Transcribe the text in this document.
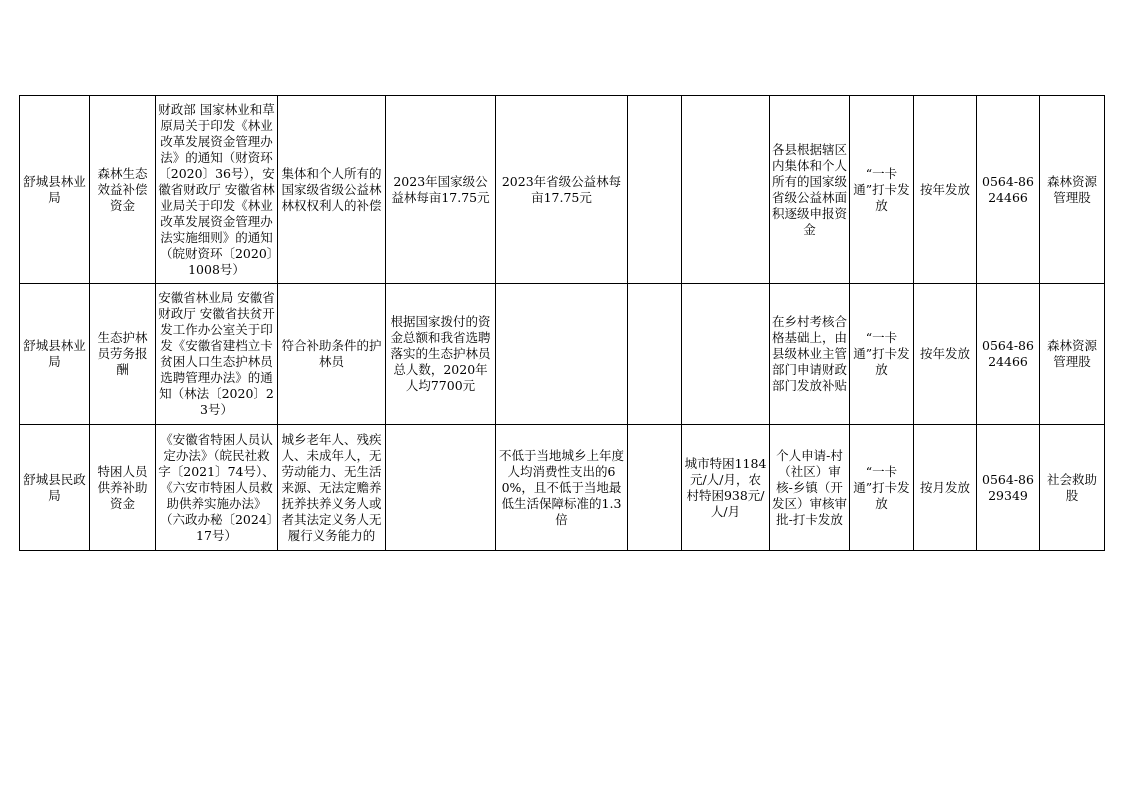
舒城县林业局	森林生态效益补偿资金	财政部 国家林业和草原局关于印发《林业改革发展资金管理办法》的通知（财资环〔2020〕36号），安徽省财政厅 安徽省林业局关于印发《林业改革发展资金管理办法实施细则》的通知（皖财资环〔2020〕1008号）	集体和个人所有的国家级省级公益林林权权利人的补偿	2023年国家级公益林每亩17.75元	2023年省级公益林每亩17.75元			各县根据辖区内集体和个人所有的国家级省级公益林面积逐级申报资金	“一卡通”打卡发放	按年发放	0564-8624466	森林资源管理股
舒城县林业局	生态护林员劳务报酬	安徽省林业局 安徽省财政厅 安徽省扶贫开发工作办公室关于印发《安徽省建档立卡贫困人口生态护林员选聘管理办法》的通知（林法〔2020〕23号）	符合补助条件的护林员	根据国家拨付的资金总额和我省选聘落实的生态护林员总人数，2020年人均7700元				在乡村考核合格基础上，由县级林业主管部门申请财政部门发放补贴	“一卡通”打卡发放	按年发放	0564-8624466	森林资源管理股
舒城县民政局	特困人员供养补助资金	《安徽省特困人员认定办法》（皖民社救字〔2021〕74号）、《六安市特困人员救助供养实施办法》（六政办秘〔2024〕17号）	城乡老年人、残疾人、未成年人，无劳动能力、无生活来源、无法定赡养抚养扶养义务人或者其法定义务人无履行义务能力的		不低于当地城乡上年度人均消费性支出的60%，且不低于当地最低生活保障标准的1.3倍		城市特困1184元/人/月，农村特困938元/人/月	个人申请-村（社区）审核-乡镇（开发区）审核审批-打卡发放	“一卡通”打卡发放	按月发放	0564-8629349	社会救助股
